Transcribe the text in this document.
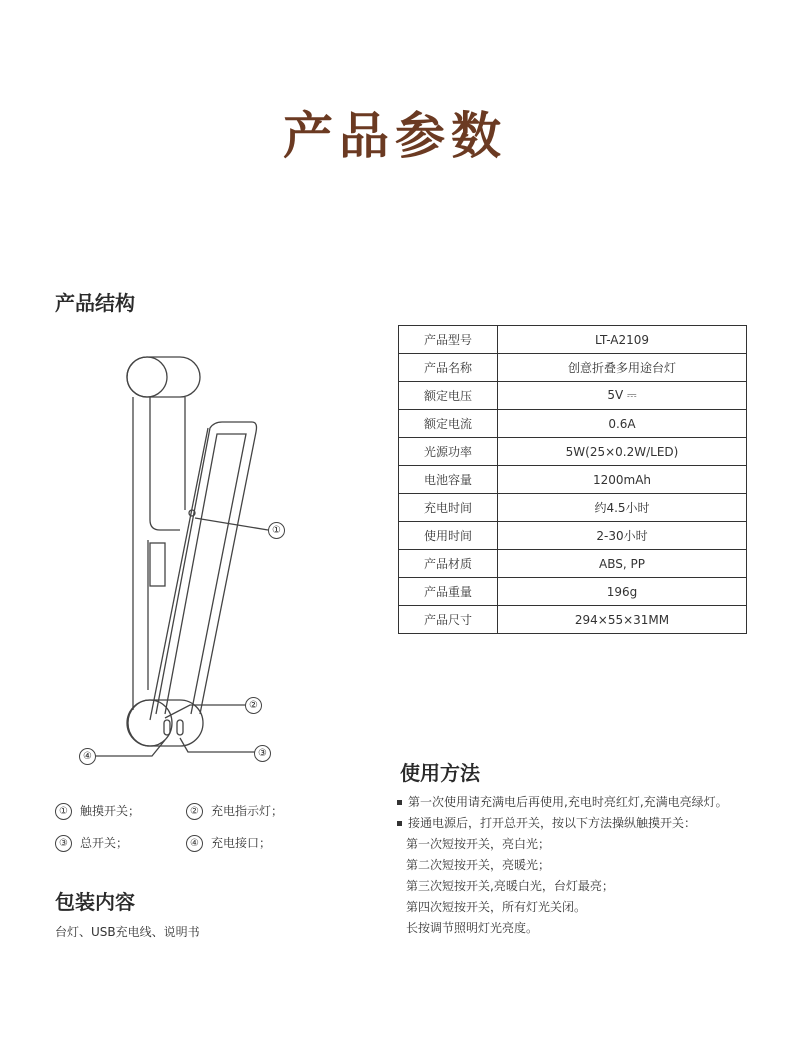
产品参数
产品结构
①
②
③
④
① 触摸开关；	② 充电指示灯；
③ 总开关；	④ 充电接口；
包装内容
台灯、USB充电线、说明书
产品型号	LT-A2109
产品名称	创意折叠多用途台灯
额定电压	5V ⎓
额定电流	0.6A
光源功率	5W(25×0.2W/LED)
电池容量	1200mAh
充电时间	约4.5小时
使用时间	2-30小时
产品材质	ABS, PP
产品重量	196g
产品尺寸	294×55×31MM
使用方法
第一次使用请充满电后再使用,充电时亮红灯,充满电亮绿灯。
接通电源后，打开总开关，按以下方法操纵触摸开关：
第一次短按开关，亮白光；
第二次短按开关，亮暖光；
第三次短按开关,亮暖白光，台灯最亮；
第四次短按开关，所有灯光关闭。
长按调节照明灯光亮度。
